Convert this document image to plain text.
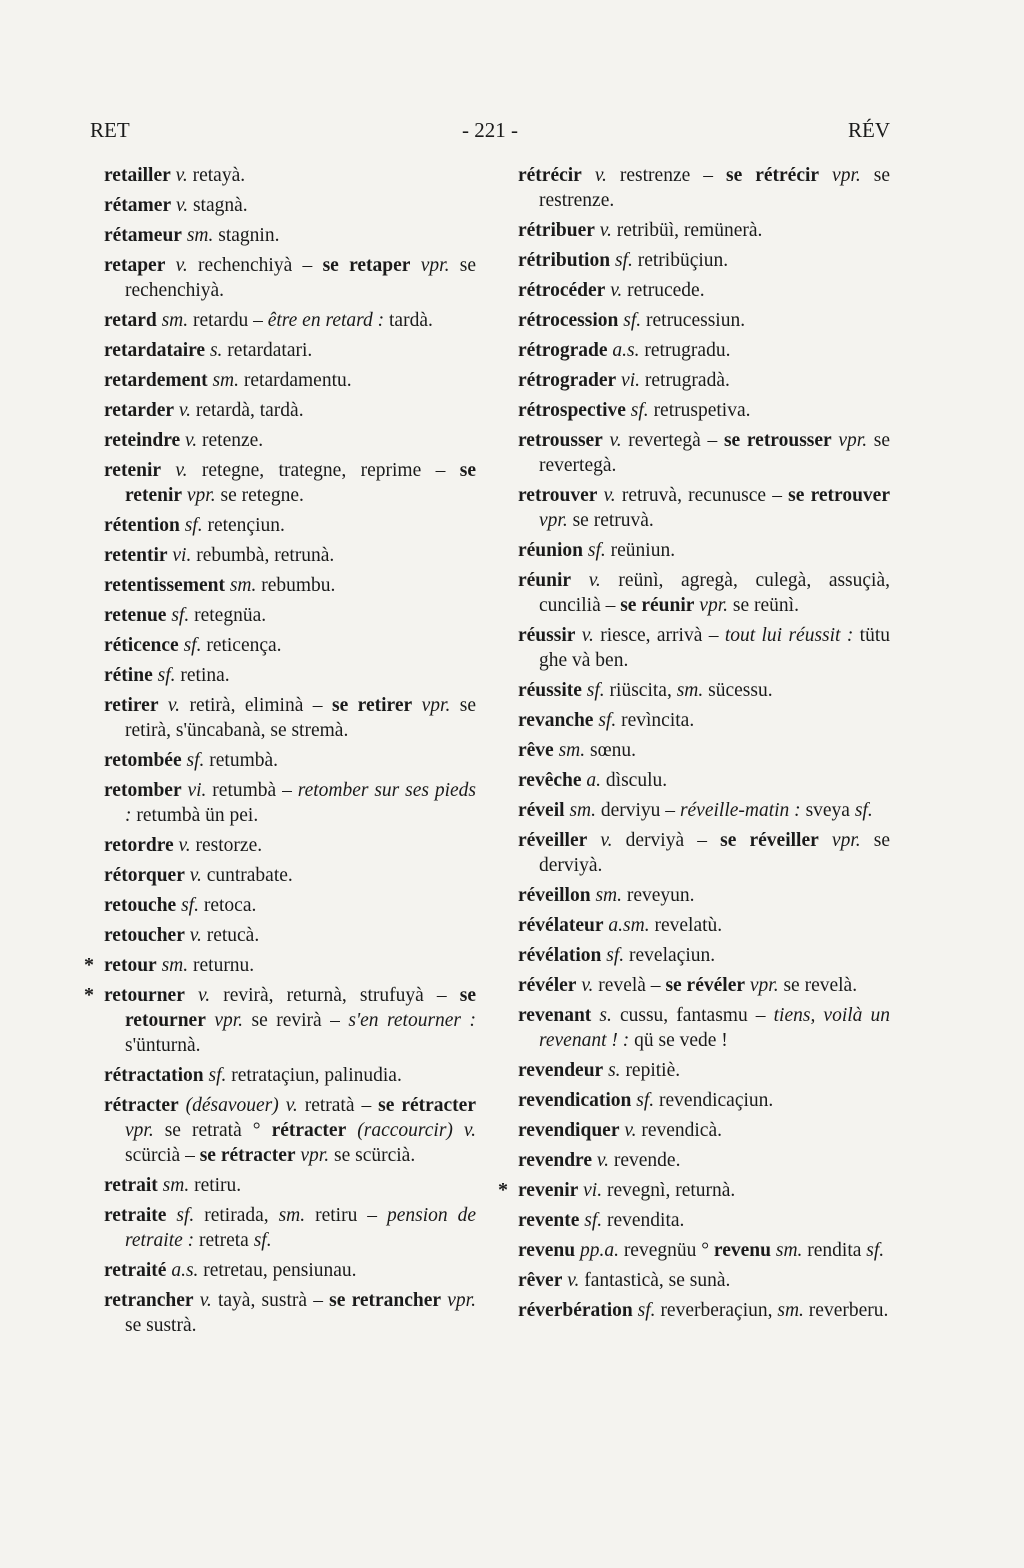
RET	- 221 -	RÉV
retailler v. retayà.
rétamer v. stagnà.
rétameur sm. stagnin.
retaper v. rechenchiyà – se retaper vpr. se rechenchiyà.
retard sm. retardu – être en retard : tardà.
retardataire s. retardatari.
retardement sm. retardamentu.
retarder v. retardà, tardà.
reteindre v. retenze.
retenir v. retegne, trategne, reprime – se retenir vpr. se retegne.
rétention sf. retençiun.
retentir vi. rebumbà, retrunà.
retentissement sm. rebumbu.
retenue sf. retegnüa.
réticence sf. reticença.
rétine sf. retina.
retirer v. retirà, eliminà – se retirer vpr. se retirà, s'üncabanà, se stremà.
retombée sf. retumbà.
retomber vi. retumbà – retomber sur ses pieds : retumbà ün pei.
retordre v. restorze.
rétorquer v. cuntrabate.
retouche sf. retoca.
retoucher v. retucà.
* retour sm. returnu.
* retourner v. revirà, returnà, strufuyà – se retourner vpr. se revirà – s'en retourner : s'ünturnà.
rétractation sf. retrataçiun, palinudia.
rétracter (désavouer) v. retratà – se rétracter vpr. se retratà ° rétracter (raccourcir) v. scürcià – se rétracter vpr. se scürcià.
retrait sm. retiru.
retraite sf. retirada, sm. retiru – pension de retraite : retreta sf.
retraité a.s. retretau, pensiunau.
retrancher v. tayà, sustrà – se retrancher vpr. se sustrà.
rétrécir v. restrenze – se rétrécir vpr. se restrenze.
rétribuer v. retribüì, remünerà.
rétribution sf. retribüçiun.
rétrocéder v. retrucede.
rétrocession sf. retrucessiun.
rétrograde a.s. retrugradu.
rétrograder vi. retrugradà.
rétrospective sf. retruspetiva.
retrousser v. revertegà – se retrousser vpr. se revertegà.
retrouver v. retruvà, recunusce – se retrouver vpr. se retruvà.
réunion sf. reüniun.
réunir v. reünì, agregà, culegà, assuçià, cuncilià – se réunir vpr. se reünì.
réussir v. riesce, arrivà – tout lui réussit : tütu ghe và ben.
réussite sf. riüscita, sm. sücessu.
revanche sf. revìncita.
rêve sm. sœnu.
revêche a. dìsculu.
réveil sm. derviyu – réveille-matin : sveya sf.
réveiller v. derviyà – se réveiller vpr. se derviyà.
réveillon sm. reveyun.
révélateur a.sm. revelatù.
révélation sf. revelaçiun.
révéler v. revelà – se révéler vpr. se revelà.
revenant s. cussu, fantasmu – tiens, voilà un revenant ! : qü se vede !
revendeur s. repitiè.
revendication sf. revendicaçiun.
revendiquer v. revendicà.
revendre v. revende.
* revenir vi. revegnì, returnà.
revente sf. revendita.
revenu pp.a. revegnüu ° revenu sm. rendita sf.
rêver v. fantasticà, se sunà.
réverbération sf. reverberaçiun, sm. reverberu.
